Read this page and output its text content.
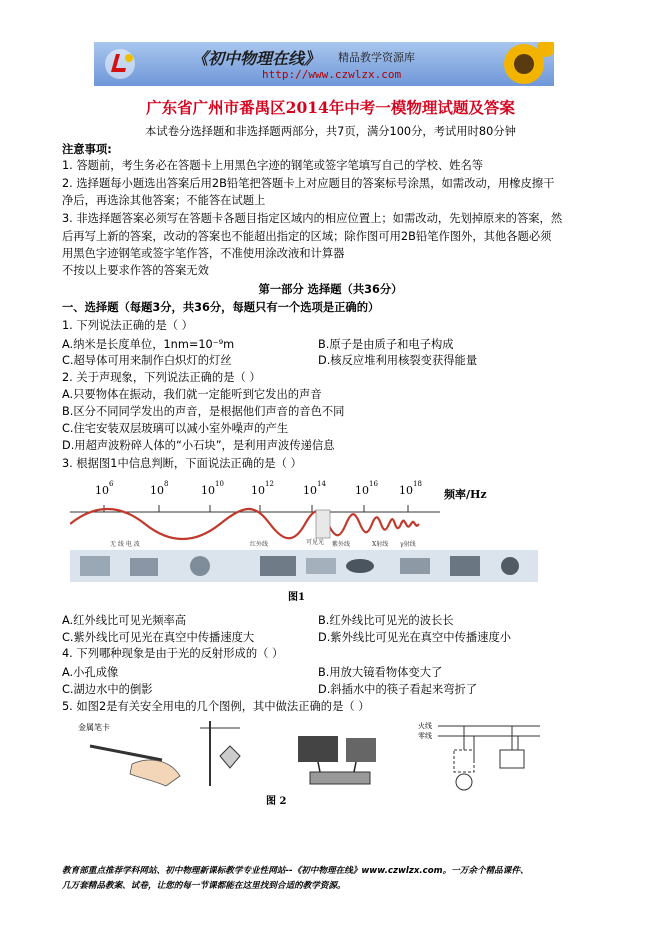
《初中物理在线》 精品教学资源库
http://www.czwlzx.com
广东省广州市番禺区2014年中考一模物理试题及答案
本试卷分选择题和非选择题两部分，共7页，满分100分，考试用时80分钟
注意事项:
1. 答题前，考生务必在答题卡上用黑色字迹的钢笔或签字笔填写自己的学校、姓名等
2. 选择题每小题选出答案后用2B铅笔把答题卡上对应题目的答案标号涂黑，如需改动，用橡皮擦干
净后，再选涂其他答案；不能答在试题上
3. 非选择题答案必须写在答题卡各题目指定区域内的相应位置上；如需改动，先划掉原来的答案，然
后再写上新的答案，改动的答案也不能超出指定的区域；除作图可用2B铅笔作图外，其他各题必须
用黑色字迹钢笔或签字笔作答，不准使用涂改液和计算器
不按以上要求作答的答案无效
第一部分 选择题（共36分）
一、选择题（每题3分，共36分，每题只有一个选项是正确的）
1. 下列说法正确的是（ ）
A.纳米是长度单位，1nm=10⁻⁹m	B.原子是由质子和电子构成
C.超导体可用来制作白炽灯的灯丝	D.核反应堆利用核裂变获得能量
2. 关于声现象，下列说法正确的是（ ）
A.只要物体在振动，我们就一定能听到它发出的声音
B.区分不同同学发出的声音，是根据他们声音的音色不同
C.住宅安装双层玻璃可以减小室外噪声的产生
D.用超声波粉碎人体的“小石块”，是利用声波传递信息
3. 根据图1中信息判断，下面说法正确的是（ ）
10 6	10 8	10 10 10 12	10 14	10 16 10 18
频率/Hz
无 线 电 波	红外线	可见光 紫外线	X射线 γ射线
图1
A.红外线比可见光频率高	B.红外线比可见光的波长长
C.紫外线比可见光在真空中传播速度大	D.紫外线比可见光在真空中传播速度小
4. 下列哪种现象是由于光的反射形成的（ ）
A.小孔成像	B.用放大镜看物体变大了
C.湖边水中的倒影	D.斜插水中的筷子看起来弯折了
5. 如图2是有关安全用电的几个图例，其中做法正确的是（ ）
金属笔卡	火线
零线
图 2
教育部重点推荐学科网站、初中物理新课标教学专业性网站--《初中物理在线》www.czwlzx.com。一万余个精品课件、
几万套精品教案、试卷，让您的每一节课都能在这里找到合适的教学资源。
